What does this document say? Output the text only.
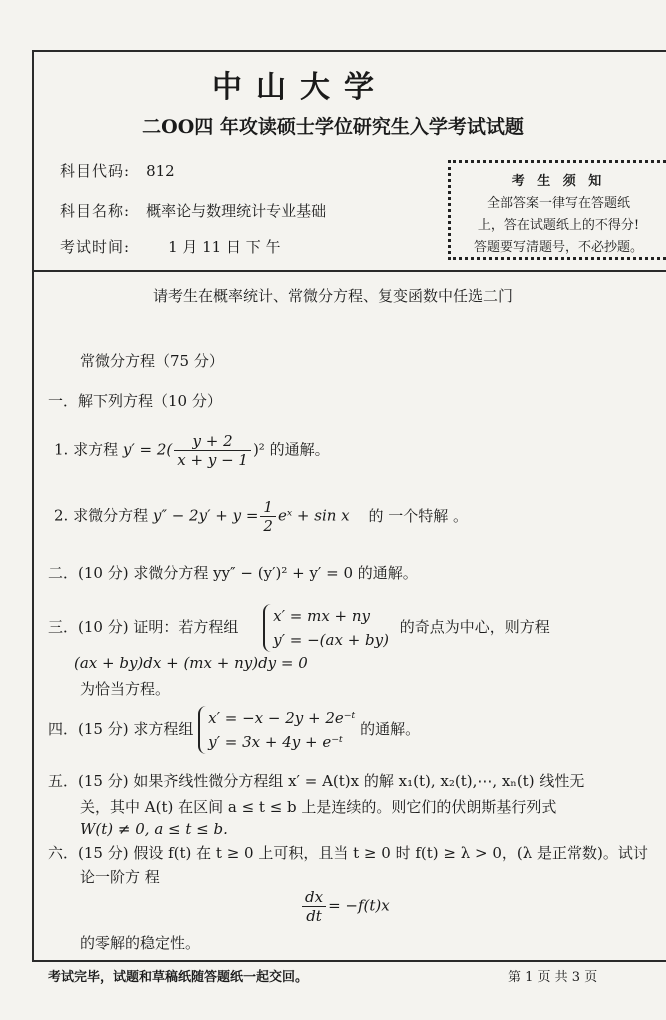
中山大学
二OO四 年攻读硕士学位研究生入学考试试题
科目代码: 812
科目名称: 概率论与数理统计专业基础
考试时间:	1 月 11 日 下 午
考 生 须 知
全部答案一律写在答题纸
上，答在试题纸上的不得分!
答题要写清题号，不必抄题。
请考生在概率统计、常微分方程、复变函数中任选二门
常微分方程（75 分）
一．解下列方程（10 分）
1. 求方程 $y' = 2( \frac{y + 2}{x + y - 1} )^2$ 的通解。
2. 求微分方程 $y'' - 2y' + y = \frac{1}{2}$ eˣ + sin x 的 一个特解 。
二．(10 分) 求微分方程 yy″ − (y′)² + y′ = 0 的通解。
三．(10 分) 证明：若方程组
x′ = mx + ny
y′ = −(ax + by)
的奇点为中心，则方程
(ax + by)dx + (mx + ny)dy = 0
为恰当方程。
四．(15 分) 求方程组
x′ = −x − 2y + 2e⁻ᵗ
y′ = 3x + 4y + e⁻ᵗ
的通解。
五．(15 分) 如果齐线性微分方程组 x′ = A(t)x 的解 x₁(t), x₂(t),⋯, xₙ(t) 线性无
关，其中 A(t) 在区间 a ≤ t ≤ b 上是连续的。则它们的伏朗斯基行列式
W(t) ≠ 0, a ≤ t ≤ b.
六．(15 分) 假设 f(t) 在 t ≥ 0 上可积，且当 t ≥ 0 时 f(t) ≥ λ > 0，(λ 是正常数)。试讨
论一阶方 程
$\frac{dx}{dt} = -f(t)x$
的零解的稳定性。
考试完毕，试题和草稿纸随答题纸一起交回。	第 1 页 共 3 页
